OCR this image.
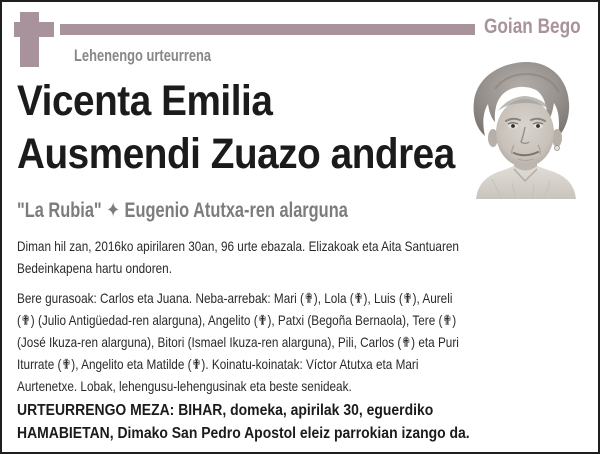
Goian Bego
Lehenengo urteurrena
Vicenta Emilia
Ausmendi Zuazo andrea
"La Rubia" ✦ Eugenio Atutxa-ren alarguna
Diman hil zan, 2016ko apirilaren 30an, 96 urte ebazala. Elizakoak eta Aita Santuaren
Bedeinkapena hartu ondoren.
Bere gurasoak: Carlos eta Juana. Neba-arrebak: Mari (✟), Lola (✟), Luis (✟), Aureli
(✟) (Julio Antigüedad-ren alarguna), Angelito (✟), Patxi (Begoña Bernaola), Tere (✟)
(José Ikuza-ren alarguna), Bitori (Ismael Ikuza-ren alarguna), Pili, Carlos (✟) eta Puri
Iturrate (✟), Angelito eta Matilde (✟). Koinatu-koinatak: Víctor Atutxa eta Mari
Aurtenetxe. Lobak, lehengusu-lehengusinak eta beste senideak.
URTEURRENGO MEZA: BIHAR, domeka, apirilak 30, eguerdiko
HAMABIETAN, Dimako San Pedro Apostol eleiz parrokian izango da.
